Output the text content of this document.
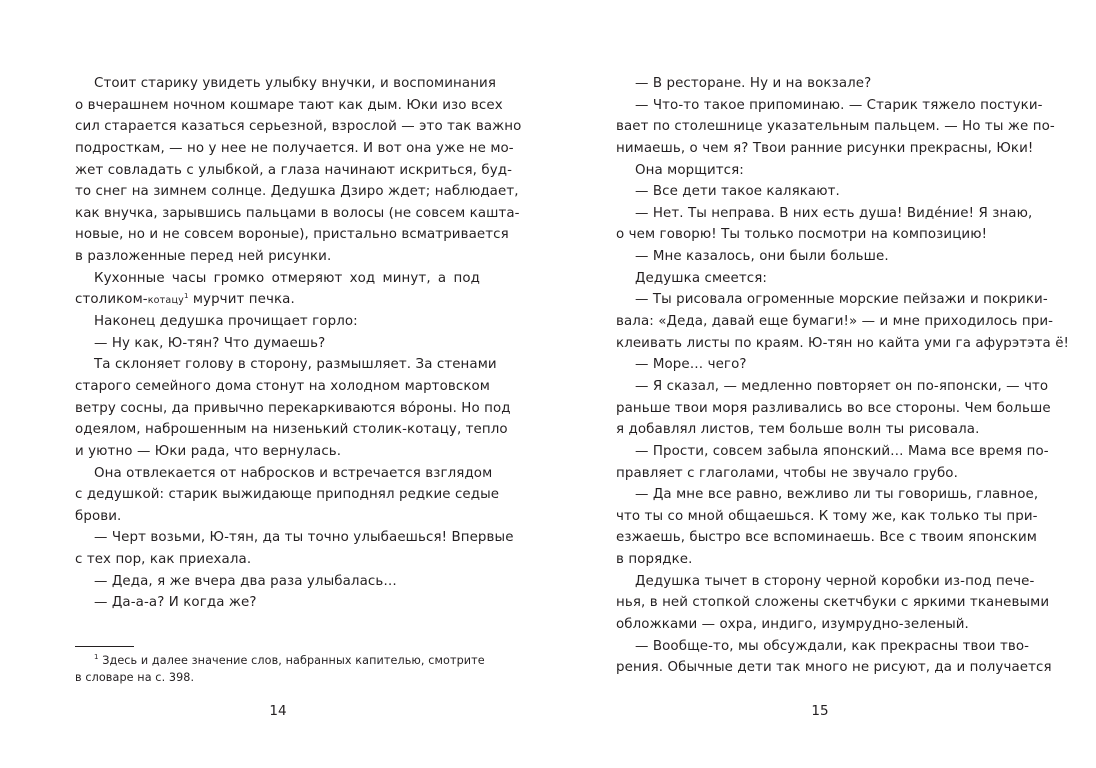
Стоит старику увидеть улыбку внучки, и воспоминания
о вчерашнем ночном кошмаре тают как дым. Юки изо всех
сил старается казаться серьезной, взрослой — это так важно
подросткам, — но у нее не получается. И вот она уже не мо-
жет совладать с улыбкой, а глаза начинают искриться, буд-
то снег на зимнем солнце. Дедушка Дзиро ждет; наблюдает,
как внучка, зарывшись пальцами в волосы (не совсем кашта-
новые, но и не совсем вороные), пристально всматривается
в разложенные перед ней рисунки.
Кухонные часы громко отмеряют ход минут, а под
столиком-котацу$^1$ мурчит печка.
Наконец дедушка прочищает горло:
— Ну как, Ю-тян? Что думаешь?
Та склоняет голову в сторону, размышляет. За стенами
старого семейного дома стонут на холодном мартовском
ветру сосны, да привычно перекаркиваются вóроны. Но под
одеялом, наброшенным на низенький столик-котацу, тепло
и уютно — Юки рада, что вернулась.
Она отвлекается от набросков и встречается взглядом
с дедушкой: старик выжидающе приподнял редкие седые
брови.
— Черт возьми, Ю-тян, да ты точно улыбаешься! Впервые
с тех пор, как приехала.
— Деда, я же вчера два раза улыбалась…
— Да-а-а? И когда же?
$^1$ Здесь и далее значение слов, набранных капителью, смотрите
в словаре на с. 398.
14
— В ресторане. Ну и на вокзале?
— Что-то такое припоминаю. — Старик тяжело постуки-
вает по столешнице указательным пальцем. — Но ты же по-
нимаешь, о чем я? Твои ранние рисунки прекрасны, Юки!
Она морщится:
— Все дети такое калякают.
— Нет. Ты неправа. В них есть душа! Виде́ние! Я знаю,
о чем говорю! Ты только посмотри на композицию!
— Мне казалось, они были больше.
Дедушка смеется:
— Ты рисовала огроменные морские пейзажи и покрики-
вала: «Деда, давай еще бумаги!» — и мне приходилось при-
клеивать листы по краям. Ю-тян но кайта уми га афурэтэта ё!
— Море… чего?
— Я сказал, — медленно повторяет он по-японски, — что
раньше твои моря разливались во все стороны. Чем больше
я добавлял листов, тем больше волн ты рисовала.
— Прости, совсем забыла японский… Мама все время по-
правляет с глаголами, чтобы не звучало грубо.
— Да мне все равно, вежливо ли ты говоришь, главное,
что ты со мной общаешься. К тому же, как только ты при-
езжаешь, быстро все вспоминаешь. Все с твоим японским
в порядке.
Дедушка тычет в сторону черной коробки из-под пече-
нья, в ней стопкой сложены скетчбуки с яркими тканевыми
обложками — охра, индиго, изумрудно-зеленый.
— Вообще-то, мы обсуждали, как прекрасны твои тво-
рения. Обычные дети так много не рисуют, да и получается
15
